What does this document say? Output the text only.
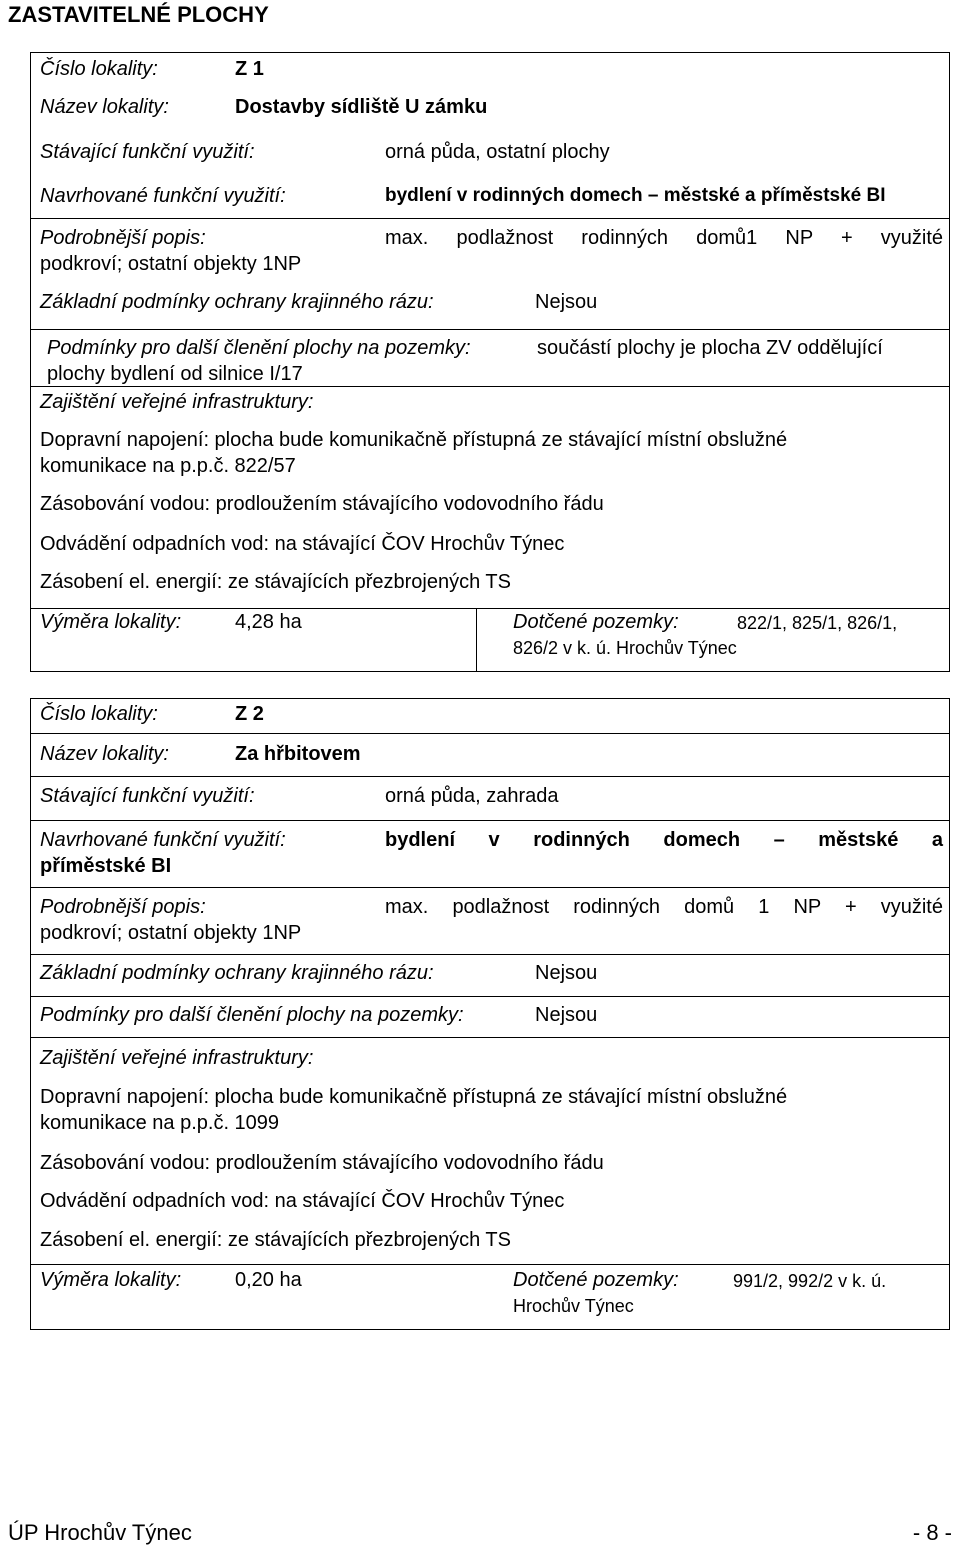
ZASTAVITELNÉ PLOCHY
Číslo lokality:	Z 1
Název lokality:	Dostavby sídliště U zámku
Stávající funkční využití:	orná půda, ostatní plochy
Navrhované funkční využití:	bydlení v rodinných domech – městské a příměstské BI
Podrobnější popis:	max. podlažnost rodinných domů1 NP + využité
podkroví; ostatní objekty 1NP
Základní podmínky ochrany krajinného rázu:	Nejsou
Podmínky pro další členění plochy na pozemky:	součástí plochy je plocha ZV oddělující
plochy bydlení od silnice I/17
Zajištění veřejné infrastruktury:
Dopravní napojení: plocha bude komunikačně přístupná ze stávající místní obslužné
komunikace na p.p.č. 822/57
Zásobování vodou: prodloužením stávajícího vodovodního řádu
Odvádění odpadních vod: na stávající ČOV Hrochův Týnec
Zásobení el. energií: ze stávajících přezbrojených TS
Výměra lokality:	4,28 ha	Dotčené pozemky:	822/1, 825/1, 826/1,
826/2 v k. ú. Hrochův Týnec
Číslo lokality:	Z 2
Název lokality:	Za hřbitovem
Stávající funkční využití:	orná půda, zahrada
Navrhované funkční využití:	bydlení v rodinných domech – městské a
příměstské BI
Podrobnější popis:	max. podlažnost rodinných domů 1 NP + využité
podkroví; ostatní objekty 1NP
Základní podmínky ochrany krajinného rázu:	Nejsou
Podmínky pro další členění plochy na pozemky:	Nejsou
Zajištění veřejné infrastruktury:
Dopravní napojení: plocha bude komunikačně přístupná ze stávající místní obslužné
komunikace na p.p.č. 1099
Zásobování vodou: prodloužením stávajícího vodovodního řádu
Odvádění odpadních vod: na stávající ČOV Hrochův Týnec
Zásobení el. energií: ze stávajících přezbrojených TS
Výměra lokality:	0,20 ha	Dotčené pozemky:	991/2, 992/2 v k. ú.
Hrochův Týnec
ÚP Hrochův Týnec	- 8 -
